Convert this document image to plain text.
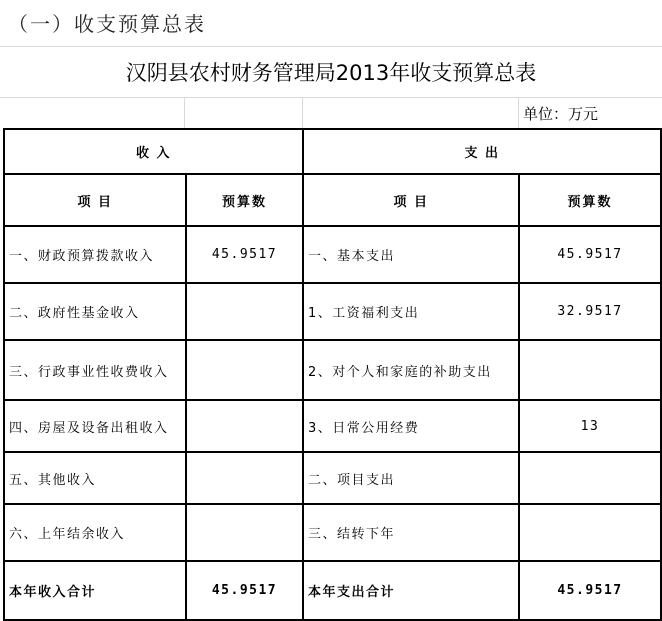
（一）收支预算总表
汉阴县农村财务管理局2013年收支预算总表
单位：万元
收 入		支 出	
项 目	预算数	项 目	预算数
一、财政预算拨款收入	45.9517	一、基本支出	45.9517
二、政府性基金收入		1、工资福利支出	32.9517
三、行政事业性收费收入		2、对个人和家庭的补助支出	
四、房屋及设备出租收入		3、日常公用经费	13
五、其他收入		二、项目支出	
六、上年结余收入		三、结转下年	
本年收入合计	45.9517	本年支出合计	45.9517
